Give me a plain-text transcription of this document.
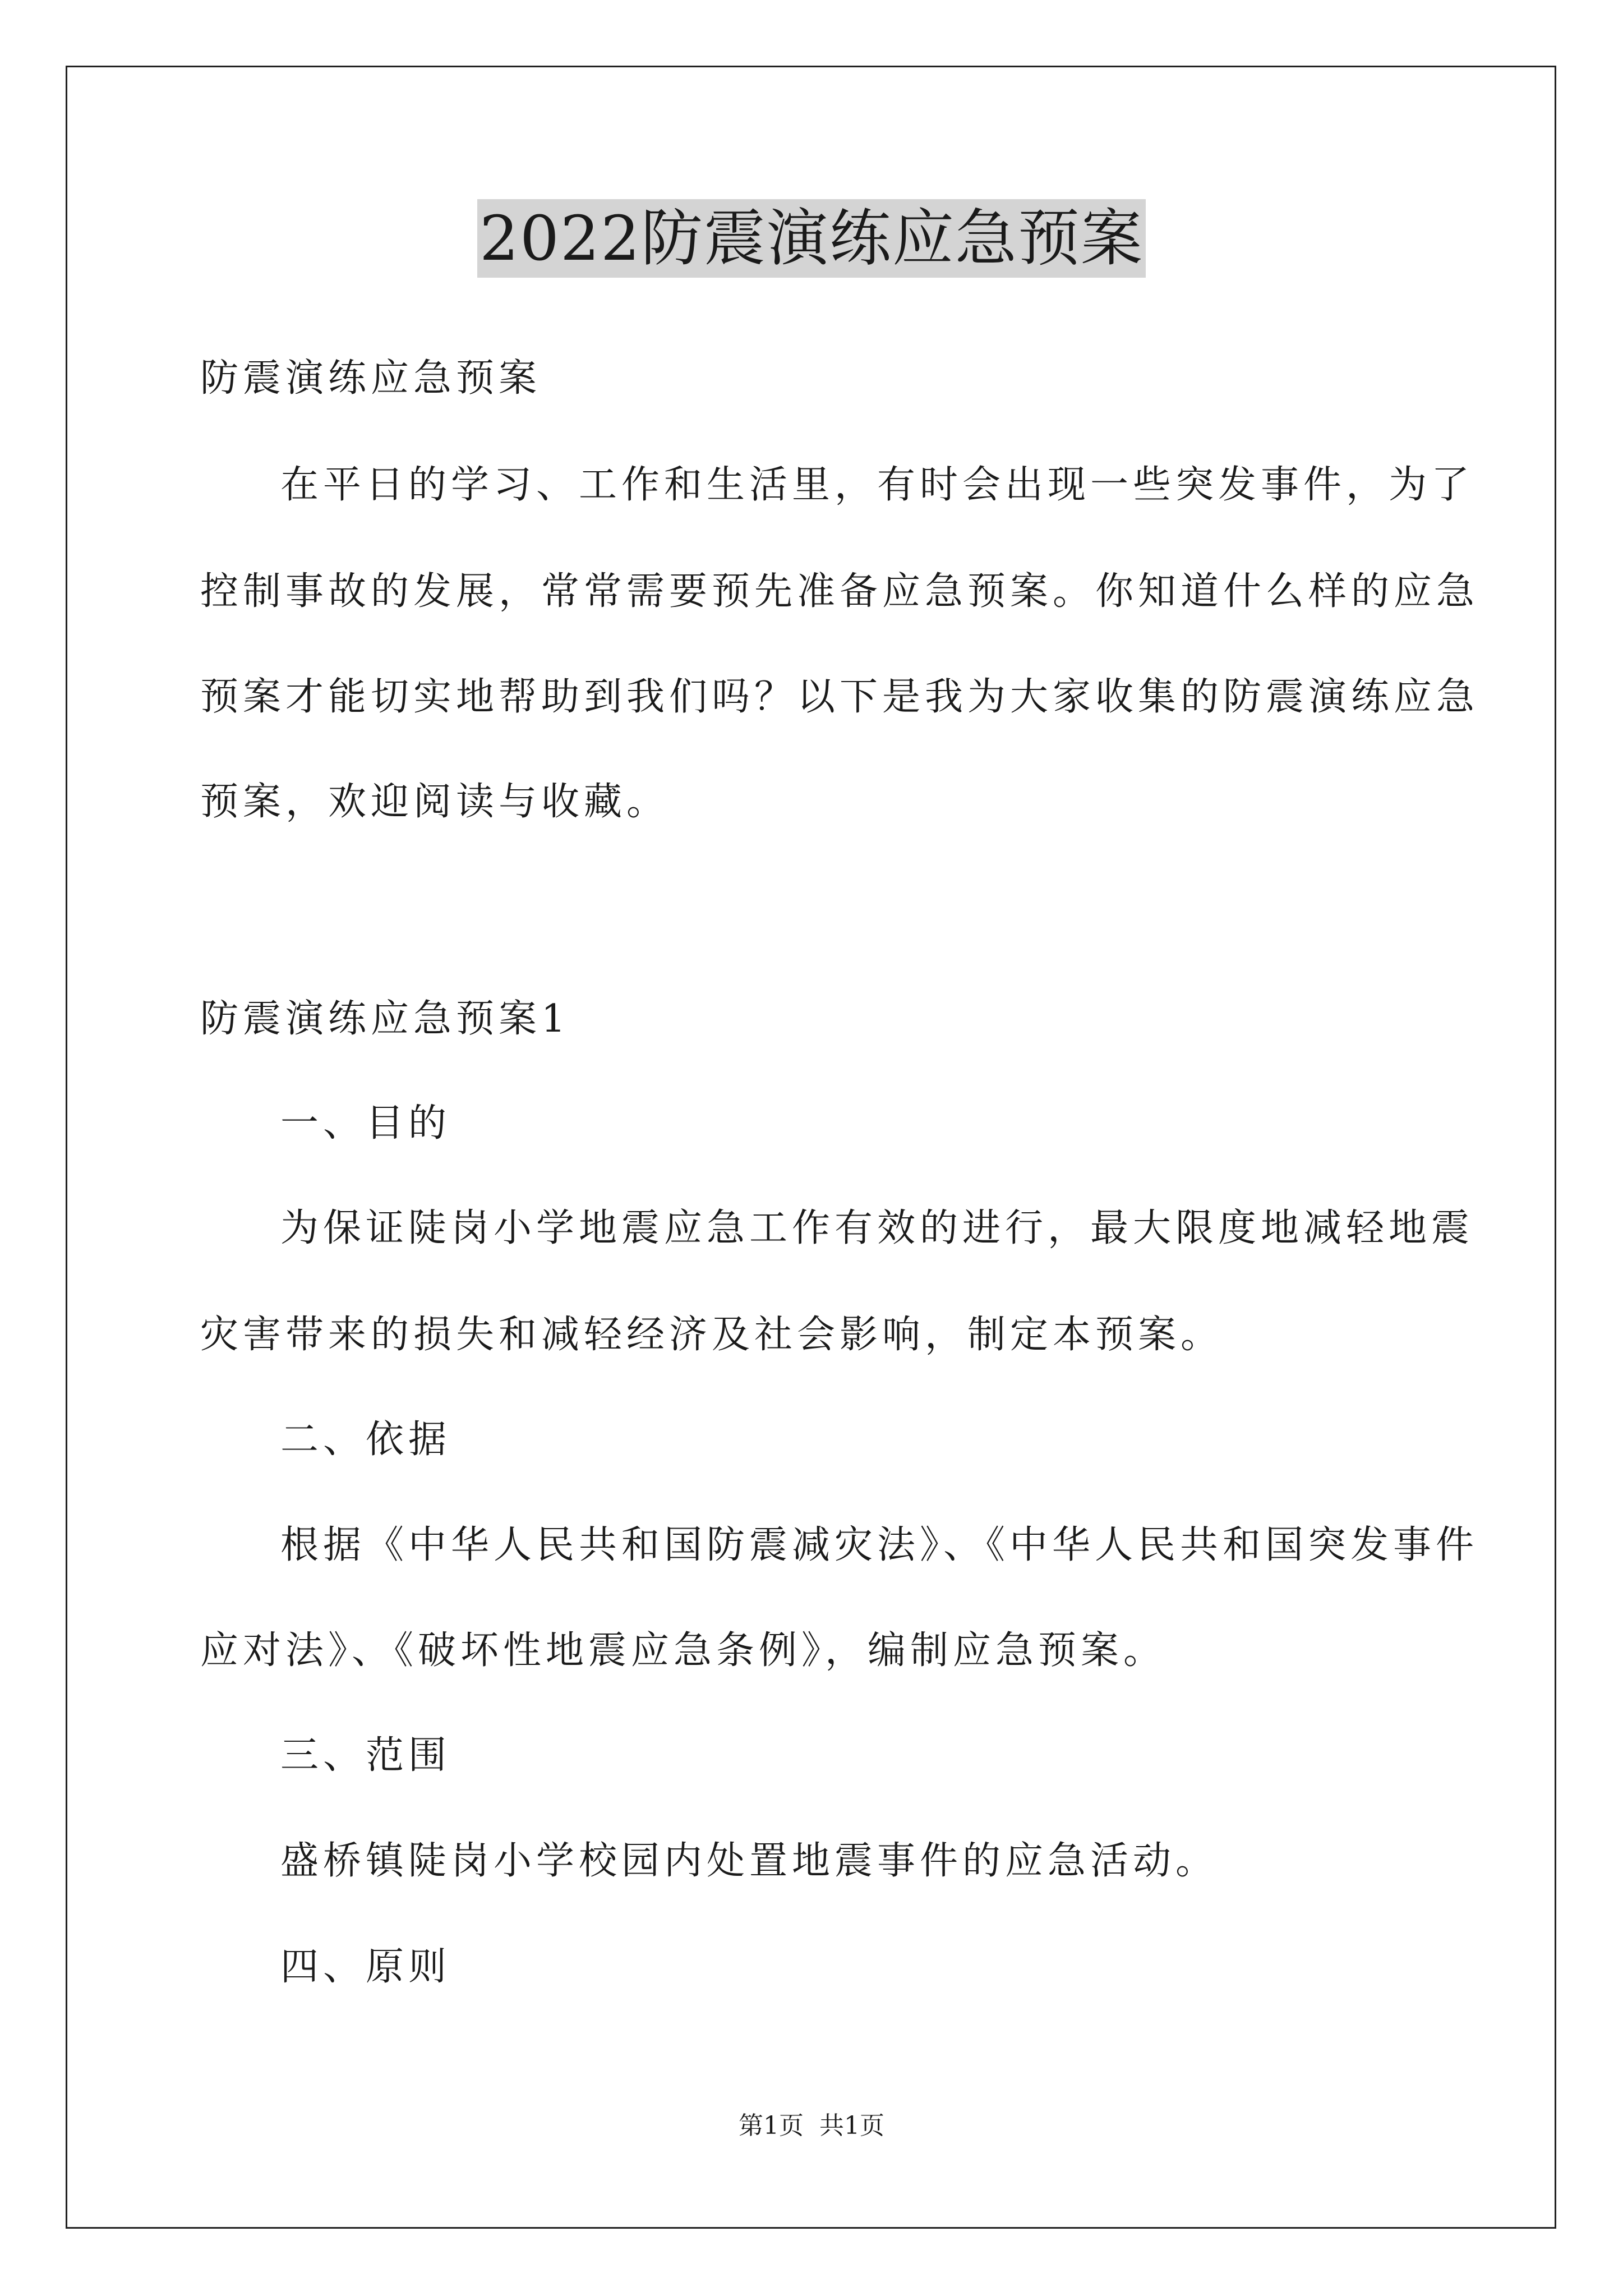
2022防震演练应急预案
防震演练应急预案
在平日的学习、工作和生活里，有时会出现一些突发事件，为了
控制事故的发展，常常需要预先准备应急预案。你知道什么样的应急
预案才能切实地帮助到我们吗？以下是我为大家收集的防震演练应急
预案，欢迎阅读与收藏。
防震演练应急预案1
一、目的
为保证陡岗小学地震应急工作有效的进行，最大限度地减轻地震
灾害带来的损失和减轻经济及社会影响，制定本预案。
二、依据
根据《中华人民共和国防震减灾法》、《中华人民共和国突发事件
应对法》、《破坏性地震应急条例》，编制应急预案。
三、范围
盛桥镇陡岗小学校园内处置地震事件的应急活动。
四、原则
第1页 共1页
